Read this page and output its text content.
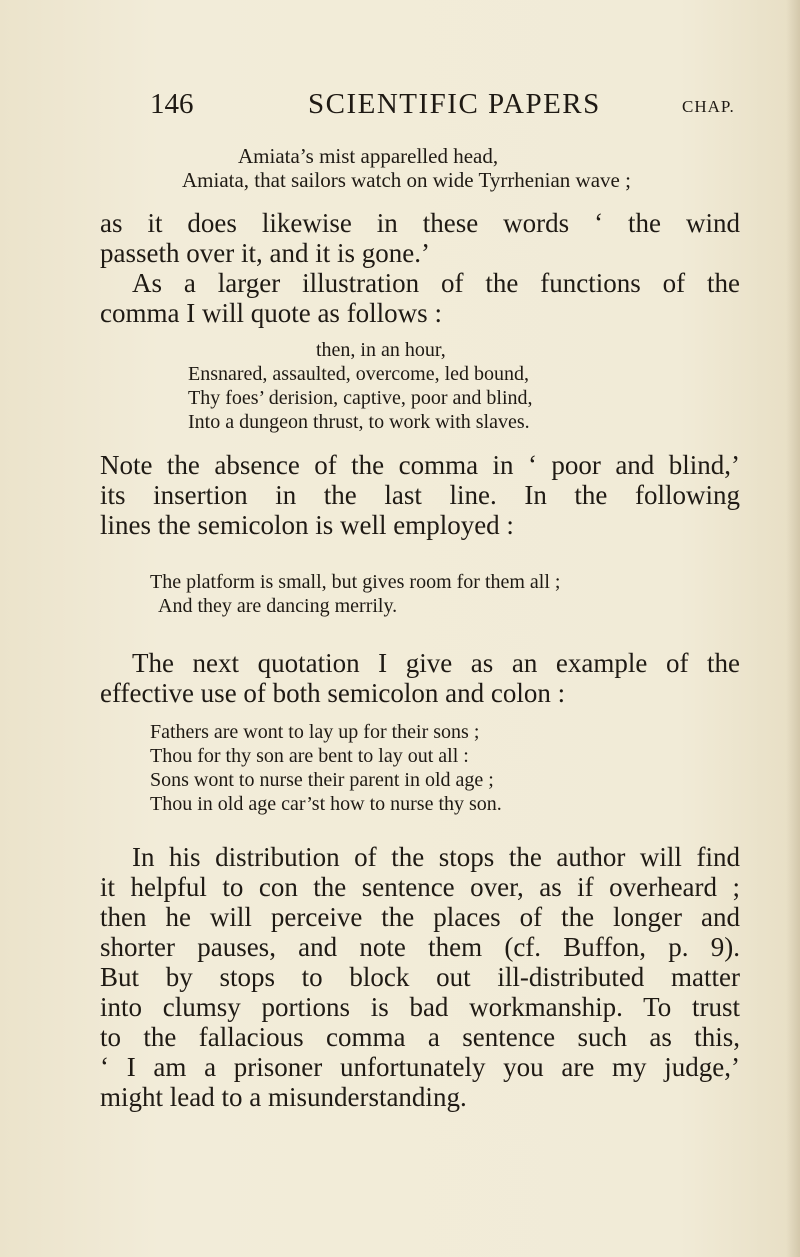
146	SCIENTIFIC PAPERS	CHAP.
Amiata’s mist apparelled head,
Amiata, that sailors watch on wide Tyrrhenian wave ;
as it does likewise in these words ‘ the wind
passeth over it, and it is gone.’
As a larger illustration of the functions of the
comma I will quote as follows :
then, in an hour,
Ensnared, assaulted, overcome, led bound,
Thy foes’ derision, captive, poor and blind,
Into a dungeon thrust, to work with slaves.
Note the absence of the comma in ‘ poor and blind,’
its insertion in the last line. In the following
lines the semicolon is well employed :
The platform is small, but gives room for them all ;
And they are dancing merrily.
The next quotation I give as an example of the
effective use of both semicolon and colon :
Fathers are wont to lay up for their sons ;
Thou for thy son are bent to lay out all :
Sons wont to nurse their parent in old age ;
Thou in old age car’st how to nurse thy son.
In his distribution of the stops the author will find
it helpful to con the sentence over, as if overheard ;
then he will perceive the places of the longer and
shorter pauses, and note them (cf. Buffon, p. 9).
But by stops to block out ill-distributed matter
into clumsy portions is bad workmanship. To trust
to the fallacious comma a sentence such as this,
‘ I am a prisoner unfortunately you are my judge,’
might lead to a misunderstanding.
